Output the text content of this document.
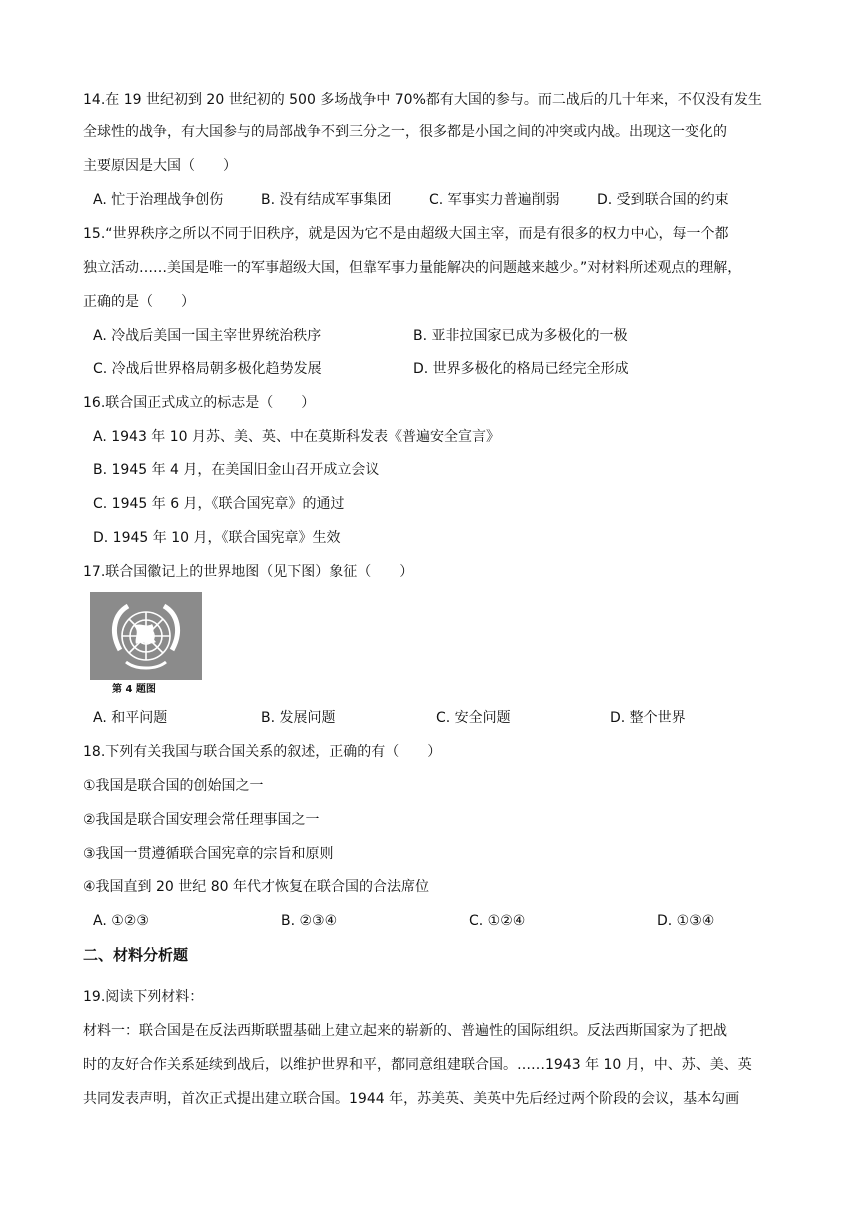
14.在 19 世纪初到 20 世纪初的 500 多场战争中 70%都有大国的参与。而二战后的几十年来，不仅没有发生
全球性的战争，有大国参与的局部战争不到三分之一，很多都是小国之间的冲突或内战。出现这一变化的
主要原因是大国（　　）
A. 忙于治理战争创伤	B. 没有结成军事集团	C. 军事实力普遍削弱	D. 受到联合国的约束
15.“世界秩序之所以不同于旧秩序，就是因为它不是由超级大国主宰，而是有很多的权力中心，每一个都
独立活动……美国是唯一的军事超级大国，但靠军事力量能解决的问题越来越少。”对材料所述观点的理解，
正确的是（　　）
A. 冷战后美国一国主宰世界统治秩序	B. 亚非拉国家已成为多极化的一极
C. 冷战后世界格局朝多极化趋势发展	D. 世界多极化的格局已经完全形成
16.联合国正式成立的标志是（　　）
A. 1943 年 10 月苏、美、英、中在莫斯科发表《普遍安全宣言》
B. 1945 年 4 月，在美国旧金山召开成立会议
C. 1945 年 6 月，《联合国宪章》的通过
D. 1945 年 10 月，《联合国宪章》生效
17.联合国徽记上的世界地图（见下图）象征（　　）
第 4 题图
A. 和平问题	B. 发展问题	C. 安全问题	D. 整个世界
18.下列有关我国与联合国关系的叙述，正确的有（　　）
①我国是联合国的创始国之一
②我国是联合国安理会常任理事国之一
③我国一贯遵循联合国宪章的宗旨和原则
④我国直到 20 世纪 80 年代才恢复在联合国的合法席位
A. ①②③	B. ②③④	C. ①②④	D. ①③④
二、材料分析题
19.阅读下列材料：
材料一：联合国是在反法西斯联盟基础上建立起来的崭新的、普遍性的国际组织。反法西斯国家为了把战
时的友好合作关系延续到战后，以维护世界和平，都同意组建联合国。……1943 年 10 月，中、苏、美、英
共同发表声明，首次正式提出建立联合国。1944 年，苏美英、美英中先后经过两个阶段的会议，基本勾画
